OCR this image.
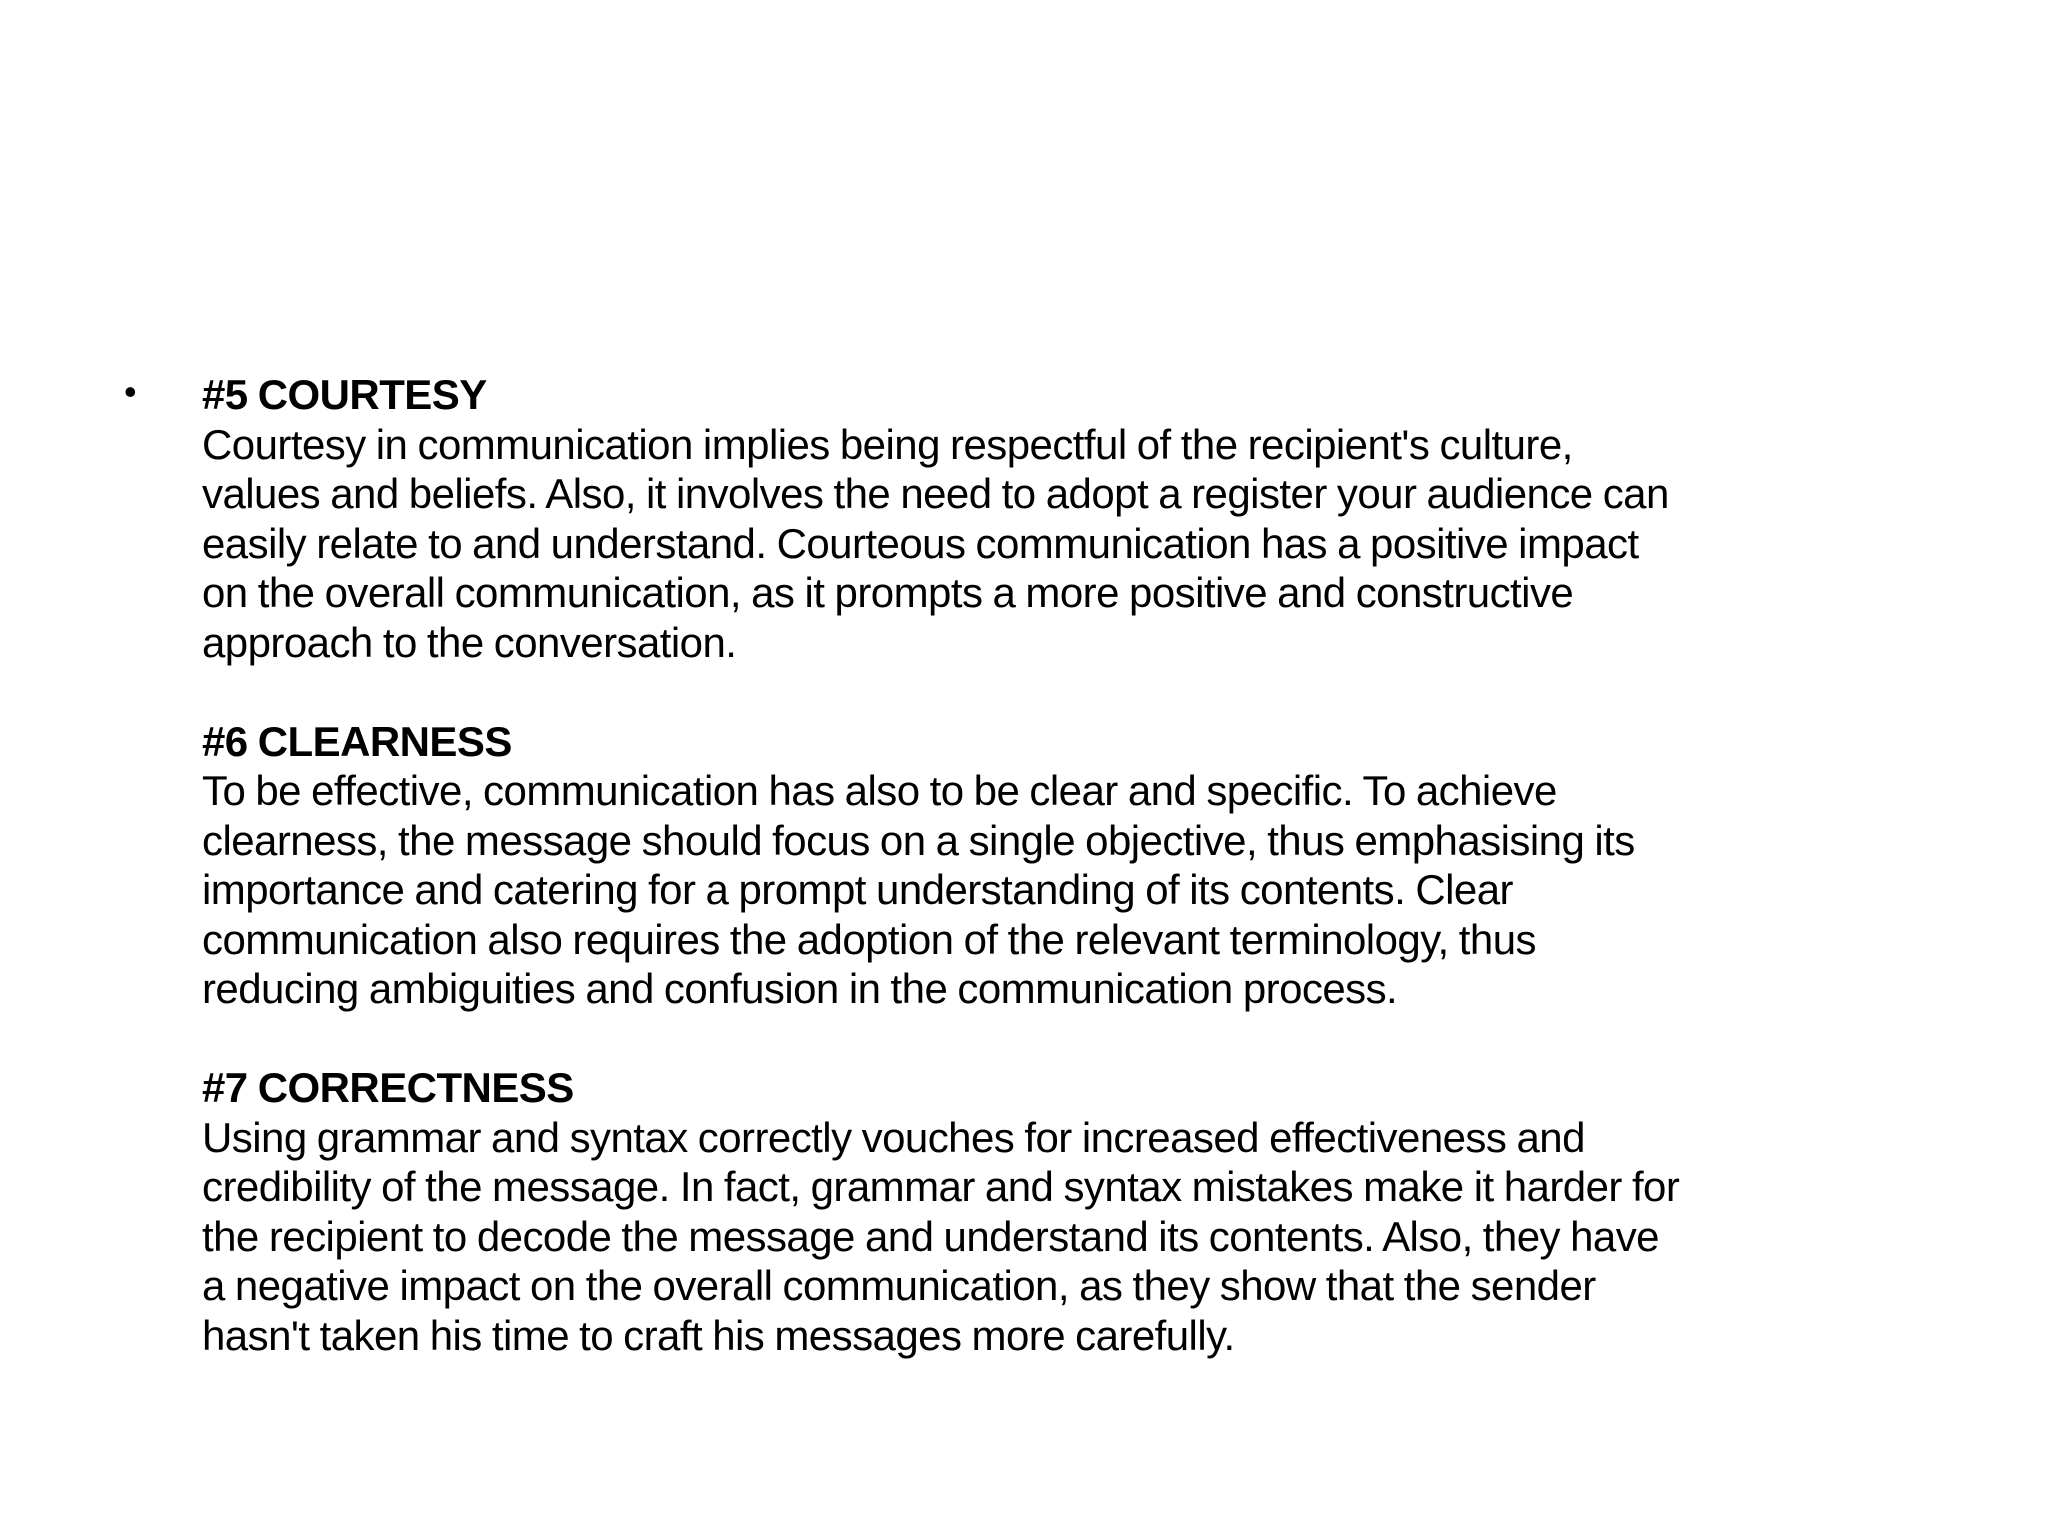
• #5 COURTESY
Courtesy in communication implies being respectful of the recipient's culture,
values and beliefs. Also, it involves the need to adopt a register your audience can
easily relate to and understand. Courteous communication has a positive impact
on the overall communication, as it prompts a more positive and constructive
approach to the conversation.
#6 CLEARNESS
To be effective, communication has also to be clear and specific. To achieve
clearness, the message should focus on a single objective, thus emphasising its
importance and catering for a prompt understanding of its contents. Clear
communication also requires the adoption of the relevant terminology, thus
reducing ambiguities and confusion in the communication process.
#7 CORRECTNESS
Using grammar and syntax correctly vouches for increased effectiveness and
credibility of the message. In fact, grammar and syntax mistakes make it harder for
the recipient to decode the message and understand its contents. Also, they have
a negative impact on the overall communication, as they show that the sender
hasn't taken his time to craft his messages more carefully.
